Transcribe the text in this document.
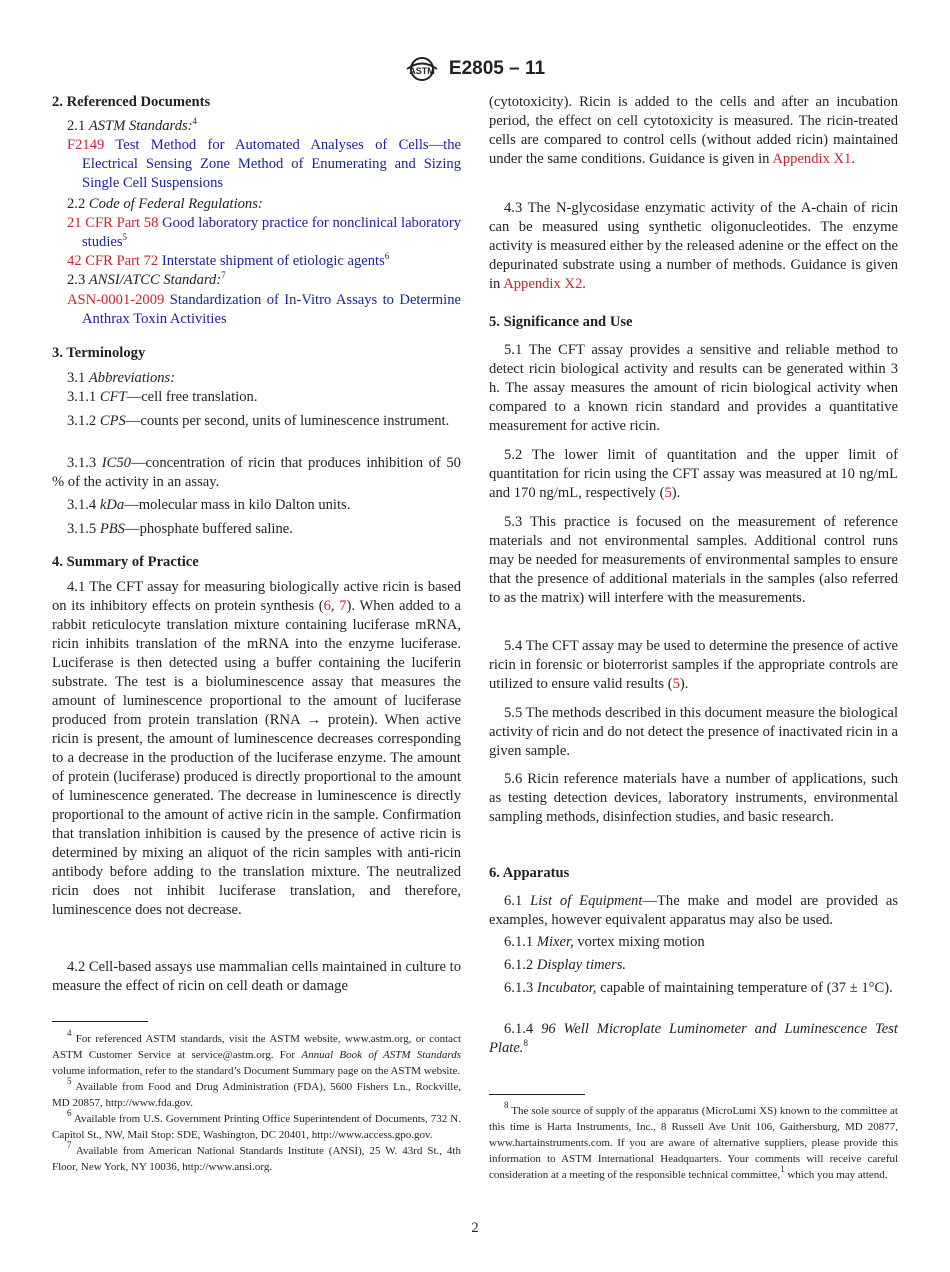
ASTM E2805 – 11
2. Referenced Documents
2.1 ASTM Standards:$^4$
F2149 Test Method for Automated Analyses of Cells—the Electrical Sensing Zone Method of Enumerating and Sizing Single Cell Suspensions
2.2 Code of Federal Regulations:
21 CFR Part 58 Good laboratory practice for nonclinical laboratory studies$^5$
42 CFR Part 72 Interstate shipment of etiologic agents$^6$
2.3 ANSI/ATCC Standard:$^7$
ASN-0001-2009 Standardization of In-Vitro Assays to Determine Anthrax Toxin Activities
3. Terminology
3.1 Abbreviations:
3.1.1 CFT—cell free translation.
3.1.2 CPS—counts per second, units of luminescence instrument.
3.1.3 IC50—concentration of ricin that produces inhibition of 50 % of the activity in an assay.
3.1.4 kDa—molecular mass in kilo Dalton units.
3.1.5 PBS—phosphate buffered saline.
4. Summary of Practice
4.1 The CFT assay for measuring biologically active ricin is based on its inhibitory effects on protein synthesis (6, 7). When added to a rabbit reticulocyte translation mixture containing luciferase mRNA, ricin inhibits translation of the mRNA into the enzyme luciferase. Luciferase is then detected using a buffer containing the luciferin substrate. The test is a bioluminescence assay that measures the amount of luminescence proportional to the amount of luciferase produced from protein translation (RNA → protein). When active ricin is present, the amount of luminescence decreases corresponding to a decrease in the production of the luciferase enzyme. The amount of protein (luciferase) produced is directly proportional to the amount of luminescence generated. The decrease in luminescence is directly proportional to the amount of active ricin in the sample. Confirmation that translation inhibition is caused by the presence of active ricin is determined by mixing an aliquot of the ricin samples with anti-ricin antibody before adding to the translation mixture. The neutralized ricin does not inhibit luciferase translation, and therefore, luminescence does not decrease.
4.2 Cell-based assays use mammalian cells maintained in culture to measure the effect of ricin on cell death or damage

$^4$ For referenced ASTM standards, visit the ASTM website, www.astm.org, or contact ASTM Customer Service at service@astm.org. For Annual Book of ASTM Standards volume information, refer to the standard’s Document Summary page on the ASTM website.

$^5$ Available from Food and Drug Administration (FDA), 5600 Fishers Ln., Rockville, MD 20857, http://www.fda.gov.

$^6$ Available from U.S. Government Printing Office Superintendent of Documents, 732 N. Capitol St., NW, Mail Stop: SDE, Washington, DC 20401, http://www.access.gpo.gov.

$^7$ Available from American National Standards Institute (ANSI), 25 W. 43rd St., 4th Floor, New York, NY 10036, http://www.ansi.org.

(cytotoxicity). Ricin is added to the cells and after an incubation period, the effect on cell cytotoxicity is measured. The ricin-treated cells are compared to control cells (without added ricin) maintained under the same conditions. Guidance is given in Appendix X1.
4.3 The N-glycosidase enzymatic activity of the A-chain of ricin can be measured using synthetic oligonucleotides. The enzyme activity is measured either by the released adenine or the effect on the depurinated substrate using a number of methods. Guidance is given in Appendix X2.
5. Significance and Use
5.1 The CFT assay provides a sensitive and reliable method to detect ricin biological activity and results can be generated within 3 h. The assay measures the amount of ricin biological activity when compared to a known ricin standard and provides a quantitative measurement for active ricin.
5.2 The lower limit of quantitation and the upper limit of quantitation for ricin using the CFT assay was measured at 10 ng/mL and 170 ng/mL, respectively (5).
5.3 This practice is focused on the measurement of reference materials and not environmental samples. Additional control runs may be needed for measurements of environmental samples to ensure that the presence of additional materials in the samples (also referred to as the matrix) will interfere with the measurements.
5.4 The CFT assay may be used to determine the presence of active ricin in forensic or bioterrorist samples if the appropriate controls are utilized to ensure valid results (5).
5.5 The methods described in this document measure the biological activity of ricin and do not detect the presence of inactivated ricin in a given sample.
5.6 Ricin reference materials have a number of applications, such as testing detection devices, laboratory instruments, environmental sampling methods, disinfection studies, and basic research.
6. Apparatus
6.1 List of Equipment—The make and model are provided as examples, however equivalent apparatus may also be used.
6.1.1 Mixer, vortex mixing motion
6.1.2 Display timers.
6.1.3 Incubator, capable of maintaining temperature of (37 ± 1°C).
6.1.4 96 Well Microplate Luminometer and Luminescence Test Plate.$^8$

$^8$ The sole source of supply of the apparatus (MicroLumi XS) known to the committee at this time is Harta Instruments, Inc., 8 Russell Ave Unit 106, Gaithersburg, MD 20877, www.hartainstruments.com. If you are aware of alternative suppliers, please provide this information to ASTM International Headquarters. Your comments will receive careful consideration at a meeting of the responsible technical committee,$^1$ which you may attend.

2
